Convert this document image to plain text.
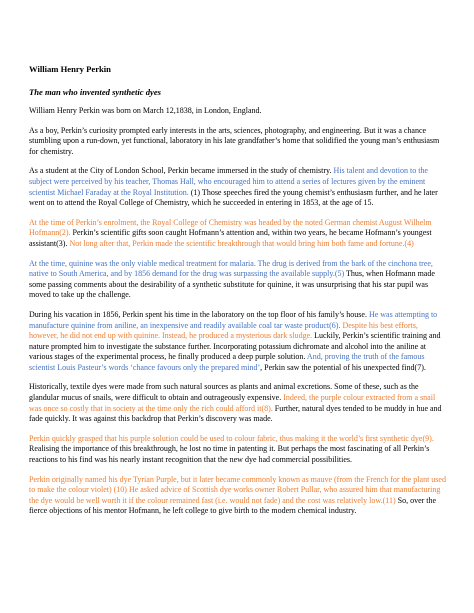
William Henry Perkin
The man who invented synthetic dyes

William Henry Perkin was born on March 12,1838, in London, England.

As a boy, Perkin’s curiosity prompted early interests in the arts, sciences, photography, and engineering. But it was a chance stumbling upon a run-down, yet functional, laboratory in his late grandfather’s home that solidified the young man’s enthusiasm for chemistry.

As a student at the City of London School, Perkin became immersed in the study of chemistry. His talent and devotion to the subject were perceived by his teacher, Thomas Hall, who encouraged him to attend a series of lectures given by the eminent scientist Michael Faraday at the Royal Institution. (1) Those speeches fired the young chemist’s enthusiasm further, and he later went on to attend the Royal College of Chemistry, which he succeeded in entering in 1853, at the age of 15.

At the time of Perkin’s enrolment, the Royal College of Chemistry was headed by the noted German chemist August Wilhelm Hofmann(2). Perkin’s scientific gifts soon caught Hofmann’s attention and, within two years, he became Hofmann’s youngest assistant(3). Not long after that, Perkin made the scientific breakthrough that would bring him both fame and fortune.(4)

At the time, quinine was the only viable medical treatment for malaria. The drug is derived from the bark of the cinchona tree, native to South America, and by 1856 demand for the drug was surpassing the available supply.(5) Thus, when Hofmann made some passing comments about the desirability of a synthetic substitute for quinine, it was unsurprising that his star pupil was moved to take up the challenge.

During his vacation in 1856, Perkin spent his time in the laboratory on the top floor of his family’s house. He was attempting to manufacture quinine from aniline, an inexpensive and readily available coal tar waste product(6). Despite his best efforts, however, he did not end up with quinine. Instead, he produced a mysterious dark sludge. Luckily, Perkin’s scientific training and nature prompted him to investigate the substance further. Incorporating potassium dichromate and alcohol into the aniline at various stages of the experimental process, he finally produced a deep purple solution. And, proving the truth of the famous scientist Louis Pasteur’s words ‘chance favours only the prepared mind’, Perkin saw the potential of his unexpected find(7).

Historically, textile dyes were made from such natural sources as plants and animal excretions. Some of these, such as the glandular mucus of snails, were difficult to obtain and outrageously expensive. Indeed, the purple colour extracted from a snail was once so costly that in society at the time only the rich could afford it(8). Further, natural dyes tended to be muddy in hue and fade quickly. It was against this backdrop that Perkin’s discovery was made.

Perkin quickly grasped that his purple solution could be used to colour fabric, thus making it the world’s first synthetic dye(9). Realising the importance of this breakthrough, he lost no time in patenting it. But perhaps the most fascinating of all Perkin’s reactions to his find was his nearly instant recognition that the new dye had commercial possibilities.

Perkin originally named his dye Tyrian Purple, but it later became commonly known as mauve (from the French for the plant used to make the colour violet) (10) He asked advice of Scottish dye works owner Robert Pullar, who assured him that manufacturing the dye would be well worth it if the colour remained fast (i.e. would not fade) and the cost was relatively low.(11) So, over the fierce objections of his mentor Hofmann, he left college to give birth to the modern chemical industry.
